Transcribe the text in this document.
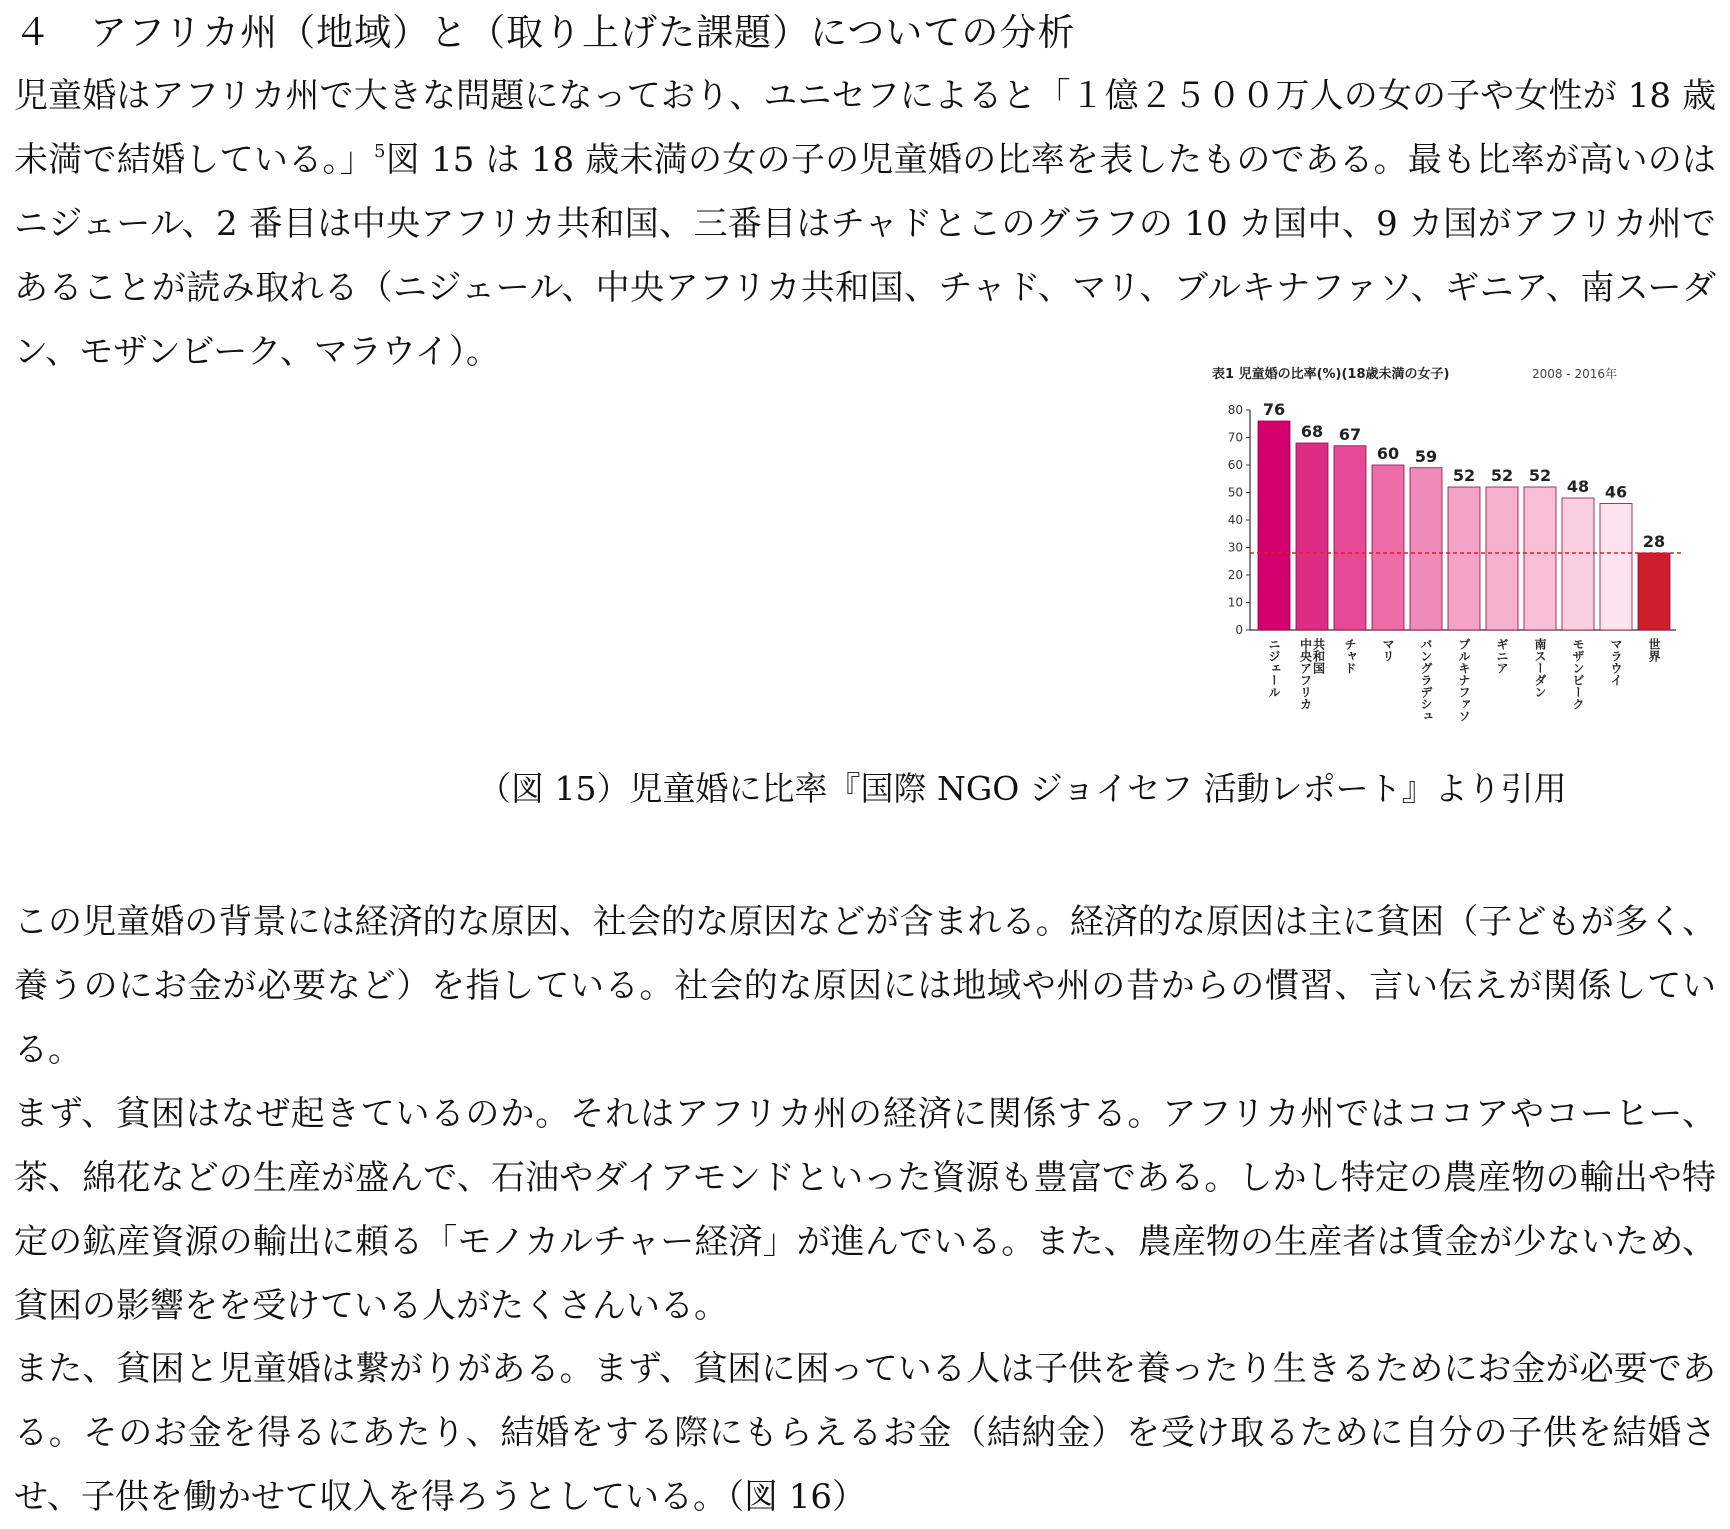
４　アフリカ州（地域）と（取り上げた課題）についての分析

児童婚はアフリカ州で大きな問題になっており、ユニセフによると「１億２５００万人の女の子や女性が 18 歳未満で結婚している。」$^5$図 15 は 18 歳未満の女の子の児童婚の比率を表したものである。最も比率が高いのはニジェール、2 番目は中央アフリカ共和国、三番目はチャドとこのグラフの 10 カ国中、9 カ国がアフリカ州であることが読み取れる（ニジェール、中央アフリカ共和国、チャド、マリ、ブルキナファソ、ギニア、南スーダン、モザンビーク、マラウイ）。

表1 児童婚の比率(%)(18歳未満の女子)	2008 - 2016年
0
10
20
30
40
50
60
70
80 76
68 67
60 59
52 52 52
48 46
28
ニジェール 中央アフリカ 共和国 チャド マリ バングラデシュ ブルキナファソ ギニア 南スーダン モザンビーク マラウイ 世界
（図 15）児童婚に比率『国際 NGO ジョイセフ 活動レポート』より引用

この児童婚の背景には経済的な原因、社会的な原因などが含まれる。経済的な原因は主に貧困（子どもが多く、養うのにお金が必要など）を指している。社会的な原因には地域や州の昔からの慣習、言い伝えが関係している。

まず、貧困はなぜ起きているのか。それはアフリカ州の経済に関係する。アフリカ州ではココアやコーヒー、茶、綿花などの生産が盛んで、石油やダイアモンドといった資源も豊富である。しかし特定の農産物の輸出や特定の鉱産資源の輸出に頼る「モノカルチャー経済」が進んでいる。また、農産物の生産者は賃金が少ないため、貧困の影響をを受けている人がたくさんいる。

また、貧困と児童婚は繋がりがある。まず、貧困に困っている人は子供を養ったり生きるためにお金が必要である。そのお金を得るにあたり、結婚をする際にもらえるお金（結納金）を受け取るために自分の子供を結婚させ、子供を働かせて収入を得ろうとしている。（図 16）
